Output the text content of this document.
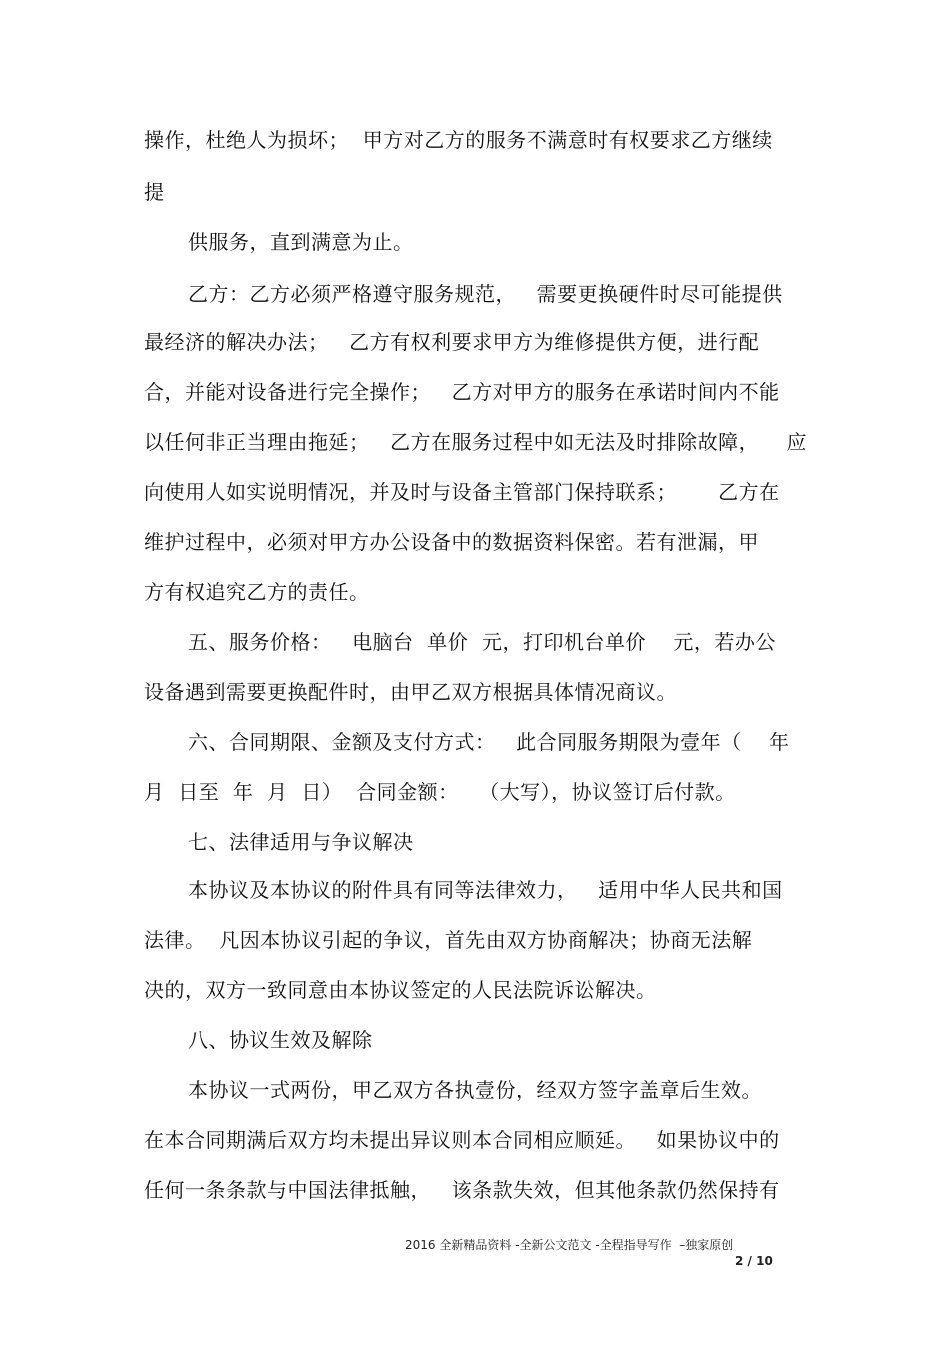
操作，杜绝人为损坏；  甲方对乙方的服务不满意时有权要求乙方继续
提
供服务，直到满意为止。
乙方：乙方必须严格遵守服务规范，   需要更换硬件时尽可能提供
最经济的解决办法；   乙方有权利要求甲方为维修提供方便，进行配
合，并能对设备进行完全操作；   乙方对甲方的服务在承诺时间内不能
以任何非正当理由拖延；   乙方在服务过程中如无法及时排除故障，    应
向使用人如实说明情况，并及时与设备主管部门保持联系；      乙方在
维护过程中，必须对甲方办公设备中的数据资料保密。若有泄漏，甲
方有权追究乙方的责任。
五、服务价格：   电脑台  单价  元，打印机台单价    元，若办公
设备遇到需要更换配件时，由甲乙双方根据具体情况商议。
六、合同期限、金额及支付方式：   此合同服务期限为壹年（    年
月  日至  年  月  日）  合同金额：   （大写），协议签订后付款。
七、法律适用与争议解决
本协议及本协议的附件具有同等法律效力，   适用中华人民共和国
法律。  凡因本协议引起的争议，首先由双方协商解决；协商无法解
决的，双方一致同意由本协议签定的人民法院诉讼解决。
八、协议生效及解除
本协议一式两份，甲乙双方各执壹份，经双方签字盖章后生效。
在本合同期满后双方均未提出异议则本合同相应顺延。   如果协议中的
任何一条条款与中国法律抵触，   该条款失效，但其他条款仍然保持有
2016 全新精品资料 -全新公文范文 -全程指导写作  –独家原创
2 / 10
